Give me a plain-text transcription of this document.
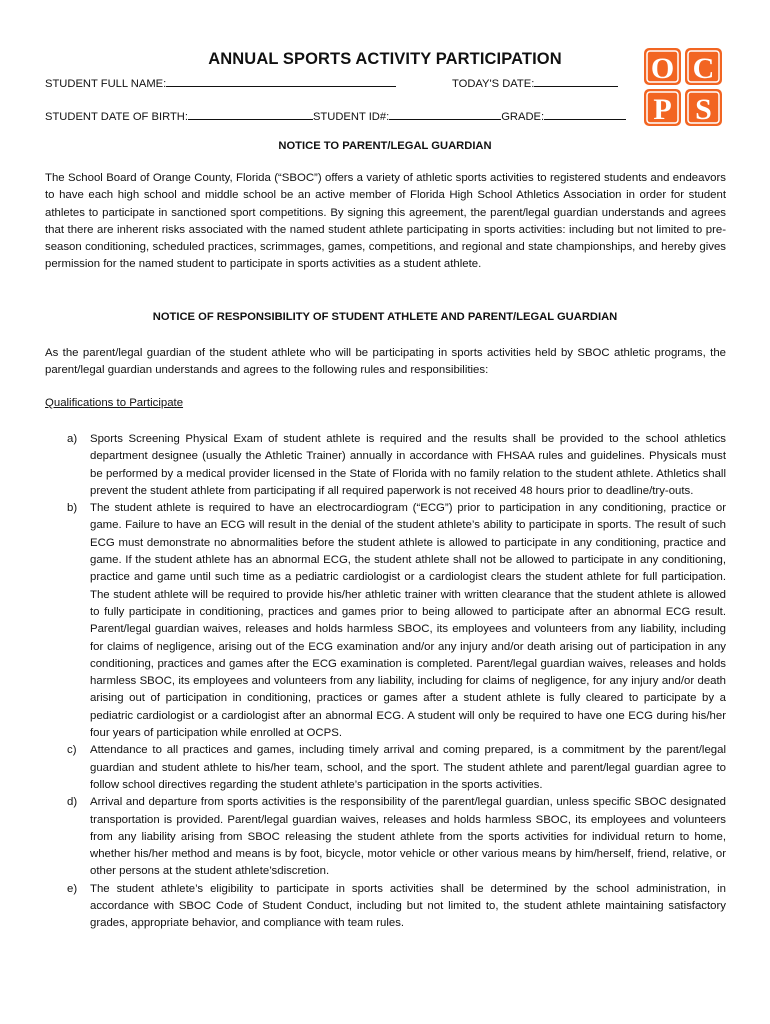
ANNUAL SPORTS ACTIVITY PARTICIPATION	O C
P S
STUDENT FULL NAME:	TODAY'S DATE:
STUDENT DATE OF BIRTH:	STUDENT ID#:	GRADE:
NOTICE TO PARENT/LEGAL GUARDIAN
The School Board of Orange County, Florida (“SBOC”) offers a variety of athletic sports activities to registered students and endeavors to have each high school and middle school be an active member of Florida High School Athletics Association in order for student athletes to participate in sanctioned sport competitions. By signing this agreement, the parent/legal guardian understands and agrees that there are inherent risks associated with the named student athlete participating in sports activities: including but not limited to pre-season conditioning, scheduled practices, scrimmages, games, competitions, and regional and state championships, and hereby gives permission for the named student to participate in sports activities as a student athlete.
NOTICE OF RESPONSIBILITY OF STUDENT ATHLETE AND PARENT/LEGAL GUARDIAN
As the parent/legal guardian of the student athlete who will be participating in sports activities held by SBOC athletic programs, the parent/legal guardian understands and agrees to the following rules and responsibilities:
Qualifications to Participate
a) Sports Screening Physical Exam of student athlete is required and the results shall be provided to the school athletics department designee (usually the Athletic Trainer) annually in accordance with FHSAA rules and guidelines. Physicals must be performed by a medical provider licensed in the State of Florida with no family relation to the student athlete. Athletics shall prevent the student athlete from participating if all required paperwork is not received 48 hours prior to deadline/try-outs.
b) The student athlete is required to have an electrocardiogram (“ECG”) prior to participation in any conditioning, practice or game. Failure to have an ECG will result in the denial of the student athlete’s ability to participate in sports. The result of such ECG must demonstrate no abnormalities before the student athlete is allowed to participate in any conditioning, practice and game. If the student athlete has an abnormal ECG, the student athlete shall not be allowed to participate in any conditioning, practice and game until such time as a pediatric cardiologist or a cardiologist clears the student athlete for full participation. The student athlete will be required to provide his/her athletic trainer with written clearance that the student athlete is allowed to fully participate in conditioning, practices and games prior to being allowed to participate after an abnormal ECG result. Parent/legal guardian waives, releases and holds harmless SBOC, its employees and volunteers from any liability, including for claims of negligence, arising out of the ECG examination and/or any injury and/or death arising out of participation in any conditioning, practices and games after the ECG examination is completed. Parent/legal guardian waives, releases and holds harmless SBOC, its employees and volunteers from any liability, including for claims of negligence, for any injury and/or death arising out of participation in conditioning, practices or games after a student athlete is fully cleared to participate by a pediatric cardiologist or a cardiologist after an abnormal ECG. A student will only be required to have one ECG during his/her four years of participation while enrolled at OCPS.
c) Attendance to all practices and games, including timely arrival and coming prepared, is a commitment by the parent/legal guardian and student athlete to his/her team, school, and the sport. The student athlete and parent/legal guardian agree to follow school directives regarding the student athlete’s participation in the sports activities.
d) Arrival and departure from sports activities is the responsibility of the parent/legal guardian, unless specific SBOC designated transportation is provided. Parent/legal guardian waives, releases and holds harmless SBOC, its employees and volunteers from any liability arising from SBOC releasing the student athlete from the sports activities for individual return to home, whether his/her method and means is by foot, bicycle, motor vehicle or other various means by him/herself, friend, relative, or other persons at the student athlete’sdiscretion.
e) The student athlete’s eligibility to participate in sports activities shall be determined by the school administration, in accordance with SBOC Code of Student Conduct, including but not limited to, the student athlete maintaining satisfactory grades, appropriate behavior, and compliance with team rules.
